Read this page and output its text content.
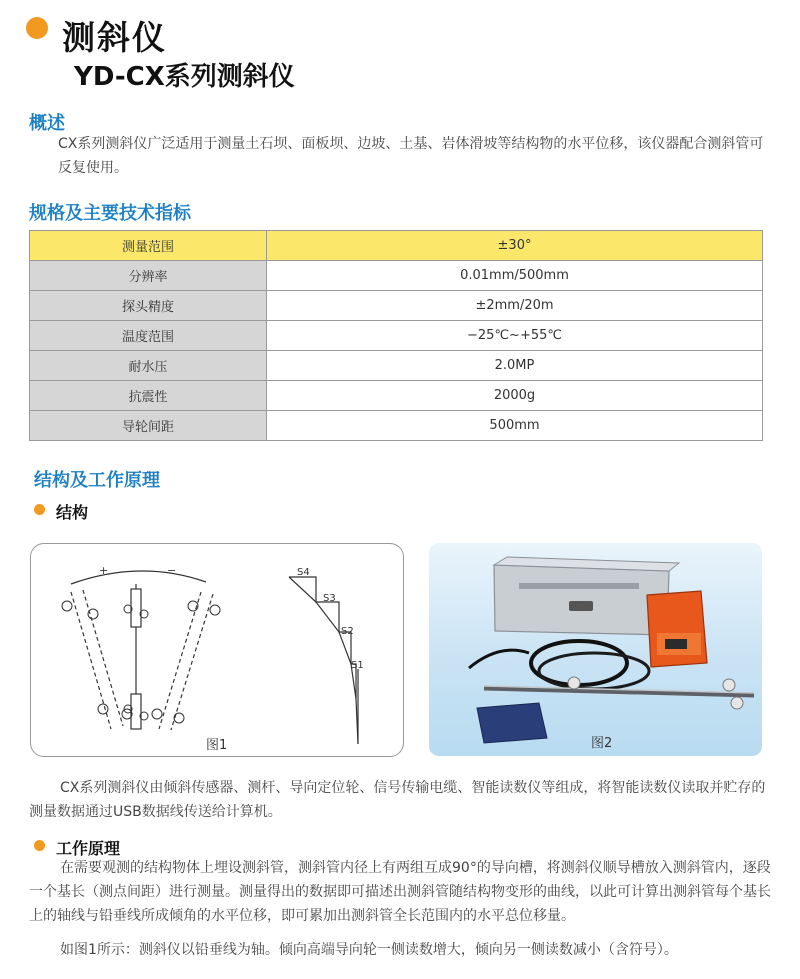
测斜仪
YD-CX系列测斜仪
概述

CX系列测斜仪广泛适用于测量土石坝、面板坝、边坡、土基、岩体滑坡等结构物的水平位移，该仪器配合测斜管可反复使用。

规格及主要技术指标
测量范围	±30°
分辨率	0.01mm/500mm
探头精度	±2mm/20m
温度范围	−25℃~+55℃
耐水压	2.0MP
抗震性	2000g
导轮间距	500mm
结构及工作原理
结构
+	−	S4
S3
S2
S1
图1	图2

CX系列测斜仪由倾斜传感器、测杆、导向定位轮、信号传输电缆、智能读数仪等组成，将智能读数仪读取并贮存的测量数据通过USB数据线传送给计算机。

工作原理

在需要观测的结构物体上埋设测斜管，测斜管内径上有两组互成90°的导向槽，将测斜仪顺导槽放入测斜管内，逐段一个基长（测点间距）进行测量。测量得出的数据即可描述出测斜管随结构物变形的曲线，以此可计算出测斜管每个基长上的轴线与铅垂线所成倾角的水平位移，即可累加出测斜管全长范围内的水平总位移量。

如图1所示：测斜仪以铅垂线为轴。倾向高端导向轮一侧读数增大，倾向另一侧读数减小（含符号）。
